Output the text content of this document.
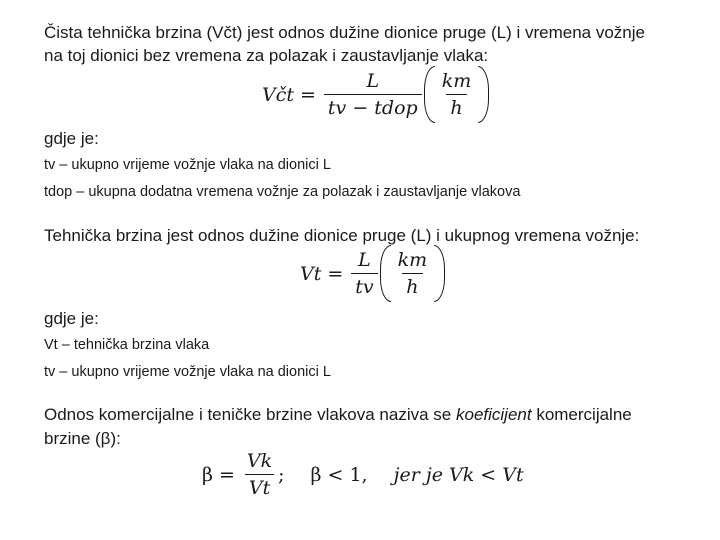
Čista tehnička brzina (Včt) jest odnos dužine dionice pruge (L) i vremena vožnje

na toj dionici bez vremena za polazak i zaustavljanje vlaka:

Včt = $\frac{L}{\text{tv − tdop}} \frac{km}{h}$

gdje je:

tv – ukupno vrijeme vožnje vlaka na dionici L

tdop – ukupna dodatna vremena vožnje za polazak i zaustavljanje vlakova

Tehnička brzina jest odnos dužine dionice pruge (L) i ukupnog vremena vožnje:

$Vt = \frac{L}{tv} \frac{km}{h}$

gdje je:

Vt – tehnička brzina vlaka

tv – ukupno vrijeme vožnje vlaka na dionici L

Odnos komercijalne i teničke brzine vlakova naziva se koeficijent komercijalne

brzine (β):

$\beta = \frac{Vk}{Vt}$ ; β < 1, jer je Vk < Vt
